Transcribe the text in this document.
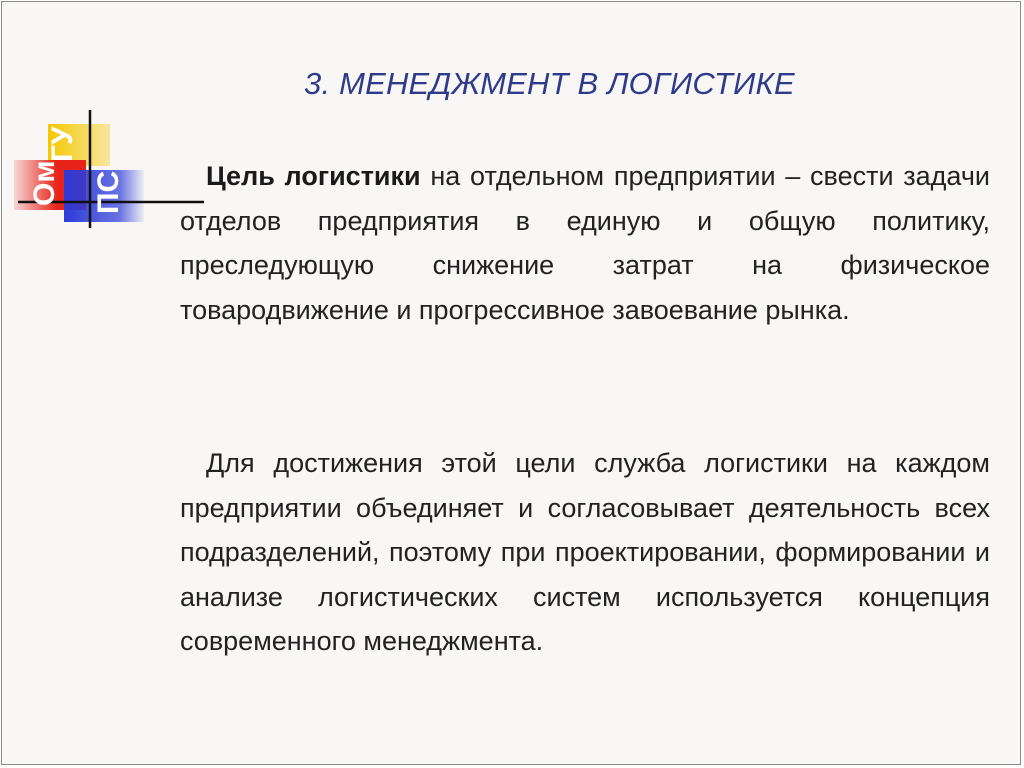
ГУ
Ом ПС
3. МЕНЕДЖМЕНТ В ЛОГИСТИКЕ

Цель логистики на отдельном предприятии – свести задачи отделов предприятия в единую и общую политику, преследующую снижение затрат на физическое товародвижение и прогрессивное завоевание рынка.

Для достижения этой цели служба логистики на каждом предприятии объединяет и согласовывает деятельность всех подразделений, поэтому при проектировании, формировании и анализе логистических систем используется концепция современного менеджмента.
